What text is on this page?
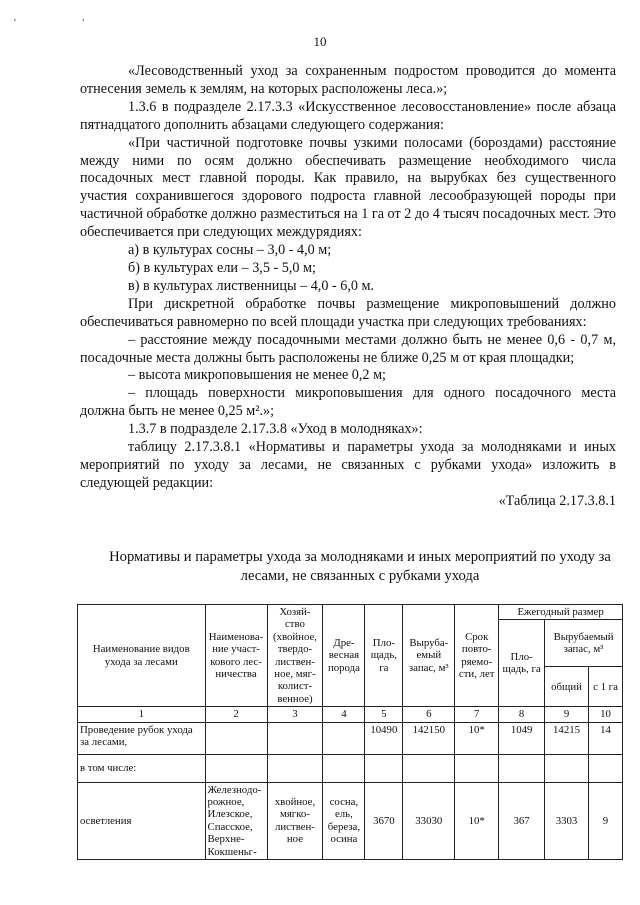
' '
10

«Лесоводственный уход за сохраненным подростом проводится до момента отнесения земель к землям, на которых расположены леса.»;

1.3.6 в подразделе 2.17.3.3 «Искусственное лесовосстановление» после абзаца пятнадцатого дополнить абзацами следующего содержания:

«При частичной подготовке почвы узкими полосами (бороздами) расстояние между ними по осям должно обеспечивать размещение необходимого числа посадочных мест главной породы. Как правило, на вырубках без существенного участия сохранившегося здорового подроста главной лесообразующей породы при частичной обработке должно разместиться на 1 га от 2 до 4 тысяч посадочных мест. Это обеспечивается при следующих междурядиях:

а) в культурах сосны – 3,0 - 4,0 м;

б) в культурах ели – 3,5 - 5,0 м;

в) в культурах лиственницы – 4,0 - 6,0 м.

При дискретной обработке почвы размещение микроповышений должно обеспечиваться равномерно по всей площади участка при следующих требованиях:

– расстояние между посадочными местами должно быть не менее 0,6 - 0,7 м, посадочные места должны быть расположены не ближе 0,25 м от края площадки;

– высота микроповышения не менее 0,2 м;

– площадь поверхности микроповышения для одного посадочного места должна быть не менее 0,25 м².»;

1.3.7 в подразделе 2.17.3.8 «Уход в молодняках»:

таблицу 2.17.3.8.1 «Нормативы и параметры ухода за молодняками и иных мероприятий по уходу за лесами, не связанных с рубками ухода» изложить в следующей редакции:

«Таблица 2.17.3.8.1

Нормативы и параметры ухода за молодняками и иных мероприятий по уходу за лесами, не связанных с рубками ухода
Наименование видов ухода за лесами	Наименова-ние участ-кового лес-ничества	Хозяй-ство (хвойное, твердо-листвен-ное, мяг-колист-венное)	Дре-весная порода	Пло-щадь, га	Выруба-емый запас, м³	Срок повто-ряемо-сти, лет	Ежегодный размер		
							Пло-щадь, га	Вырубаемый запас, м³	
								общий	с 1 га
1	2	3	4	5	6	7	8	9	10
Проведение рубок ухода за лесами,				10490	142150	10*	1049	14215	14
в том числе:									
осветления	Железнодо-рожное, Илезское, Спасское, Верхне-Кокшеньг-	хвойное, мягко-листвен-ное	сосна, ель, береза, осина	3670	33030	10*	367	3303	9
